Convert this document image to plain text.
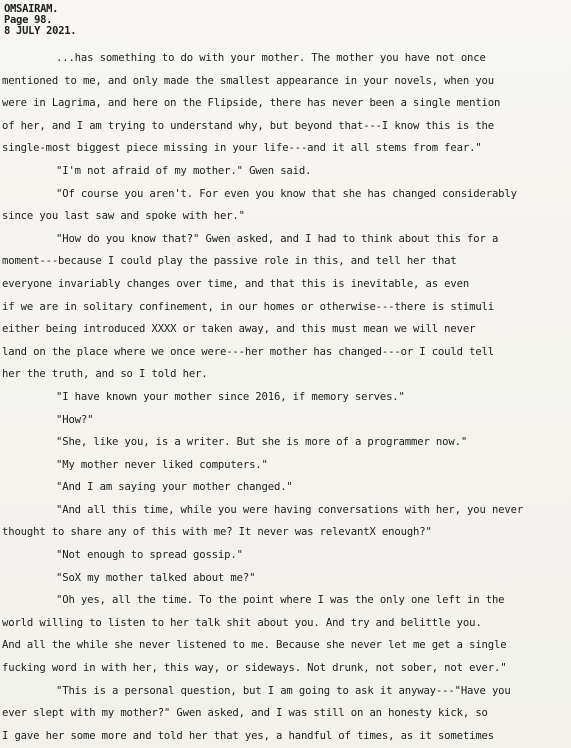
OMSAIRAM.
Page 98.
8 JULY 2021.
...has something to do with your mother. The mother you have not once
mentioned to me, and only made the smallest appearance in your novels, when you
were in Lagrima, and here on the Flipside, there has never been a single mention
of her, and I am trying to understand why, but beyond that---I know this is the
single-most biggest piece missing in your life---and it all stems from fear."
"I'm not afraid of my mother." Gwen said.
"Of course you aren't. For even you know that she has changed considerably
since you last saw and spoke with her."
"How do you know that?" Gwen asked, and I had to think about this for a
moment---because I could play the passive role in this, and tell her that
everyone invariably changes over time, and that this is inevitable, as even
if we are in solitary confinement, in our homes or otherwise---there is stimuli
either being introduced XXXX or taken away, and this must mean we will never
land on the place where we once were---her mother has changed---or I could tell
her the truth, and so I told her.
"I have known your mother since 2016, if memory serves."
"How?"
"She, like you, is a writer. But she is more of a programmer now."
"My mother never liked computers."
"And I am saying your mother changed."
"And all this time, while you were having conversations with her, you never
thought to share any of this with me? It never was relevantX enough?"
"Not enough to spread gossip."
"SoX my mother talked about me?"
"Oh yes, all the time. To the point where I was the only one left in the
world willing to listen to her talk shit about you. And try and belittle you.
And all the while she never listened to me. Because she never let me get a single
fucking word in with her, this way, or sideways. Not drunk, not sober, not ever."
"This is a personal question, but I am going to ask it anyway---"Have you
ever slept with my mother?" Gwen asked, and I was still on an honesty kick, so
I gave her some more and told her that yes, a handful of times, as it sometimes
